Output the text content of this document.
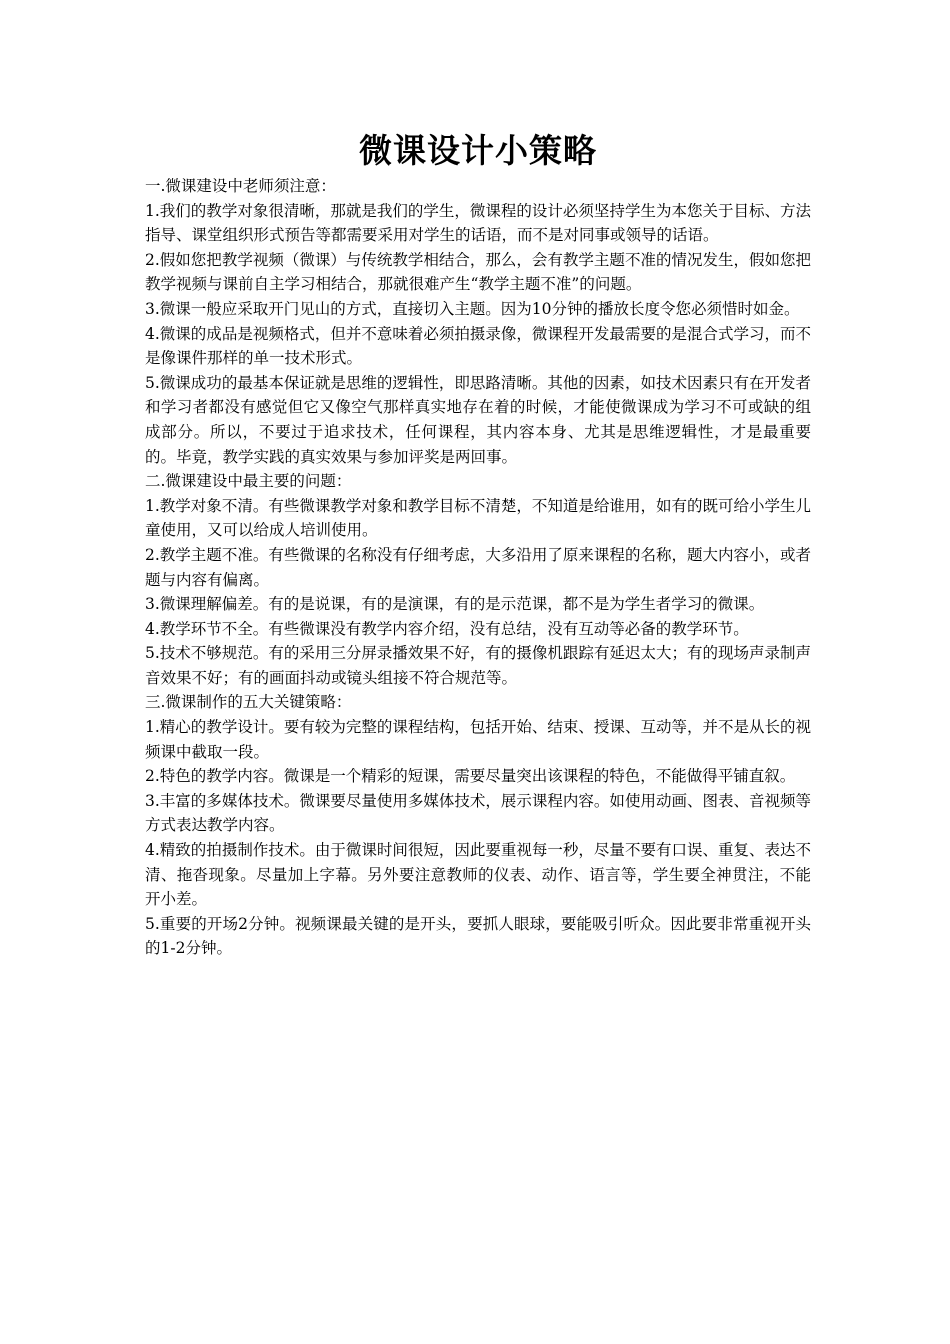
微课设计小策略

一.微课建设中老师须注意：

1.我们的教学对象很清晰，那就是我们的学生，微课程的设计必须坚持学生为本您关于目标、方法指导、课堂组织形式预告等都需要采用对学生的话语，而不是对同事或领导的话语。

2.假如您把教学视频（微课）与传统教学相结合，那么，会有教学主题不准的情况发生，假如您把教学视频与课前自主学习相结合，那就很难产生“教学主题不准”的问题。

3.微课一般应采取开门见山的方式，直接切入主题。因为10分钟的播放长度令您必须惜时如金。

4.微课的成品是视频格式，但并不意味着必须拍摄录像，微课程开发最需要的是混合式学习，而不是像课件那样的单一技术形式。

5.微课成功的最基本保证就是思维的逻辑性，即思路清晰。其他的因素，如技术因素只有在开发者和学习者都没有感觉但它又像空气那样真实地存在着的时候，才能使微课成为学习不可或缺的组成部分。所以，不要过于追求技术，任何课程，其内容本身、尤其是思维逻辑性，才是最重要的。毕竟，教学实践的真实效果与参加评奖是两回事。

二.微课建设中最主要的问题：

1.教学对象不清。有些微课教学对象和教学目标不清楚，不知道是给谁用，如有的既可给小学生儿童使用，又可以给成人培训使用。

2.教学主题不准。有些微课的名称没有仔细考虑，大多沿用了原来课程的名称，题大内容小，或者题与内容有偏离。

3.微课理解偏差。有的是说课，有的是演课，有的是示范课，都不是为学生者学习的微课。

4.教学环节不全。有些微课没有教学内容介绍，没有总结，没有互动等必备的教学环节。

5.技术不够规范。有的采用三分屏录播效果不好，有的摄像机跟踪有延迟太大；有的现场声录制声音效果不好；有的画面抖动或镜头组接不符合规范等。

三.微课制作的五大关键策略：

1.精心的教学设计。要有较为完整的课程结构，包括开始、结束、授课、互动等，并不是从长的视频课中截取一段。

2.特色的教学内容。微课是一个精彩的短课，需要尽量突出该课程的特色，不能做得平铺直叙。

3.丰富的多媒体技术。微课要尽量使用多媒体技术，展示课程内容。如使用动画、图表、音视频等方式表达教学内容。

4.精致的拍摄制作技术。由于微课时间很短，因此要重视每一秒，尽量不要有口误、重复、表达不清、拖沓现象。尽量加上字幕。另外要注意教师的仪表、动作、语言等，学生要全神贯注，不能开小差。

5.重要的开场2分钟。视频课最关键的是开头，要抓人眼球，要能吸引听众。因此要非常重视开头的1-2分钟。
